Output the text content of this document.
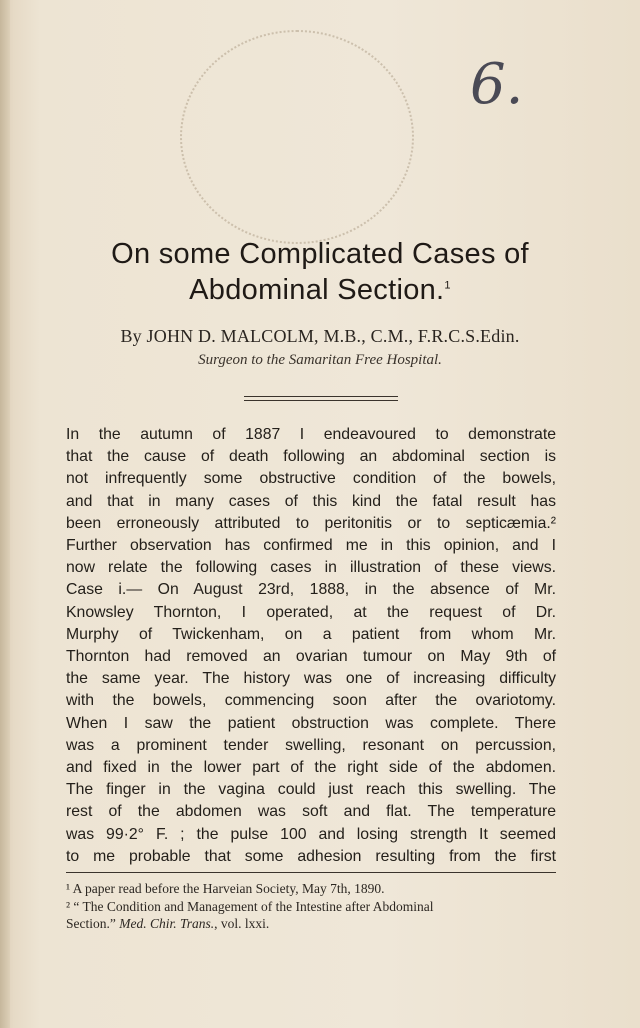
6.
On some Complicated Cases of
Abdominal Section.$^1$
By JOHN D. MALCOLM, M.B., C.M., F.R.C.S.Edin.
Surgeon to the Samaritan Free Hospital.
In the autumn of 1887 I endeavoured to demonstrate
that the cause of death following an abdominal section is
not infrequently some obstructive condition of the bowels,
and that in many cases of this kind the fatal result has
been erroneously attributed to peritonitis or to septicæmia.²
Further observation has confirmed me in this opinion, and I
now relate the following cases in illustration of these views.
Case i.— On August 23rd, 1888, in the absence of Mr.
Knowsley Thornton, I operated, at the request of Dr.
Murphy of Twickenham, on a patient from whom Mr.
Thornton had removed an ovarian tumour on May 9th of
the same year. The history was one of increasing difficulty
with the bowels, commencing soon after the ovariotomy.
When I saw the patient obstruction was complete. There
was a prominent tender swelling, resonant on percussion,
and fixed in the lower part of the right side of the abdomen.
The finger in the vagina could just reach this swelling. The
rest of the abdomen was soft and flat. The temperature
was 99·2° F. ; the pulse 100 and losing strength It seemed
to me probable that some adhesion resulting from the first
¹ A paper read before the Harveian Society, May 7th, 1890.
² “ The Condition and Management of the Intestine after Abdominal
Section.” Med. Chir. Trans., vol. lxxi.
